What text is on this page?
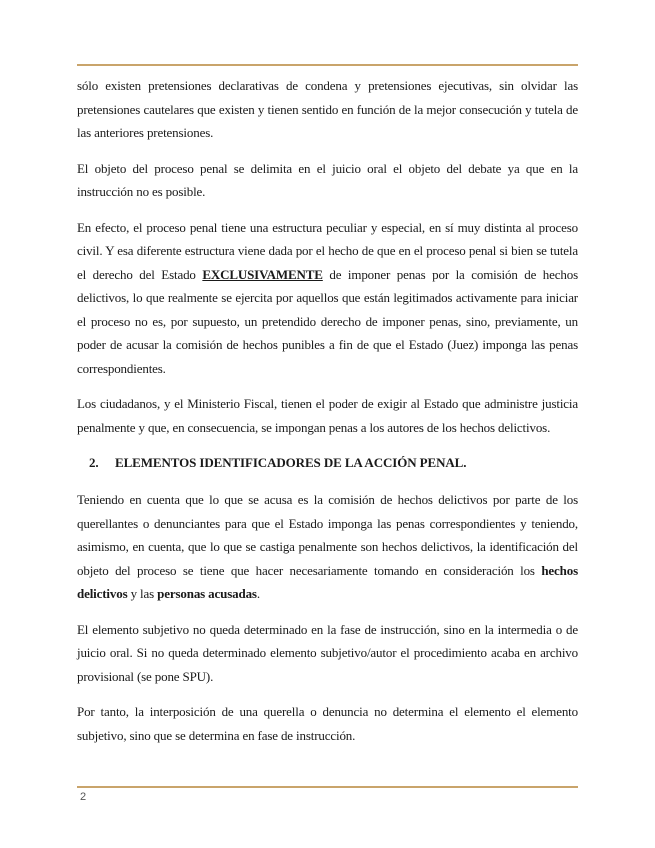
sólo existen pretensiones declarativas de condena y pretensiones ejecutivas, sin olvidar las pretensiones cautelares que existen y tienen sentido en función de la mejor consecución y tutela de las anteriores pretensiones.

El objeto del proceso penal se delimita en el juicio oral el objeto del debate ya que en la instrucción no es posible.

En efecto, el proceso penal tiene una estructura peculiar y especial, en sí muy distinta al proceso civil. Y esa diferente estructura viene dada por el hecho de que en el proceso penal si bien se tutela el derecho del Estado EXCLUSIVAMENTE de imponer penas por la comisión de hechos delictivos, lo que realmente se ejercita por aquellos que están legitimados activamente para iniciar el proceso no es, por supuesto, un pretendido derecho de imponer penas, sino, previamente, un poder de acusar la comisión de hechos punibles a fin de que el Estado (Juez) imponga las penas correspondientes.

Los ciudadanos, y el Ministerio Fiscal, tienen el poder de exigir al Estado que administre justicia penalmente y que, en consecuencia, se impongan penas a los autores de los hechos delictivos.

2.	ELEMENTOS IDENTIFICADORES DE LA ACCIÓN PENAL.

Teniendo en cuenta que lo que se acusa es la comisión de hechos delictivos por parte de los querellantes o denunciantes para que el Estado imponga las penas correspondientes y teniendo, asimismo, en cuenta, que lo que se castiga penalmente son hechos delictivos, la identificación del objeto del proceso se tiene que hacer necesariamente tomando en consideración los hechos delictivos y las personas acusadas.

El elemento subjetivo no queda determinado en la fase de instrucción, sino en la intermedia o de juicio oral. Si no queda determinado elemento subjetivo/autor el procedimiento acaba en archivo provisional (se pone SPU).

Por tanto, la interposición de una querella o denuncia no determina el elemento el elemento subjetivo, sino que se determina en fase de instrucción.

2
